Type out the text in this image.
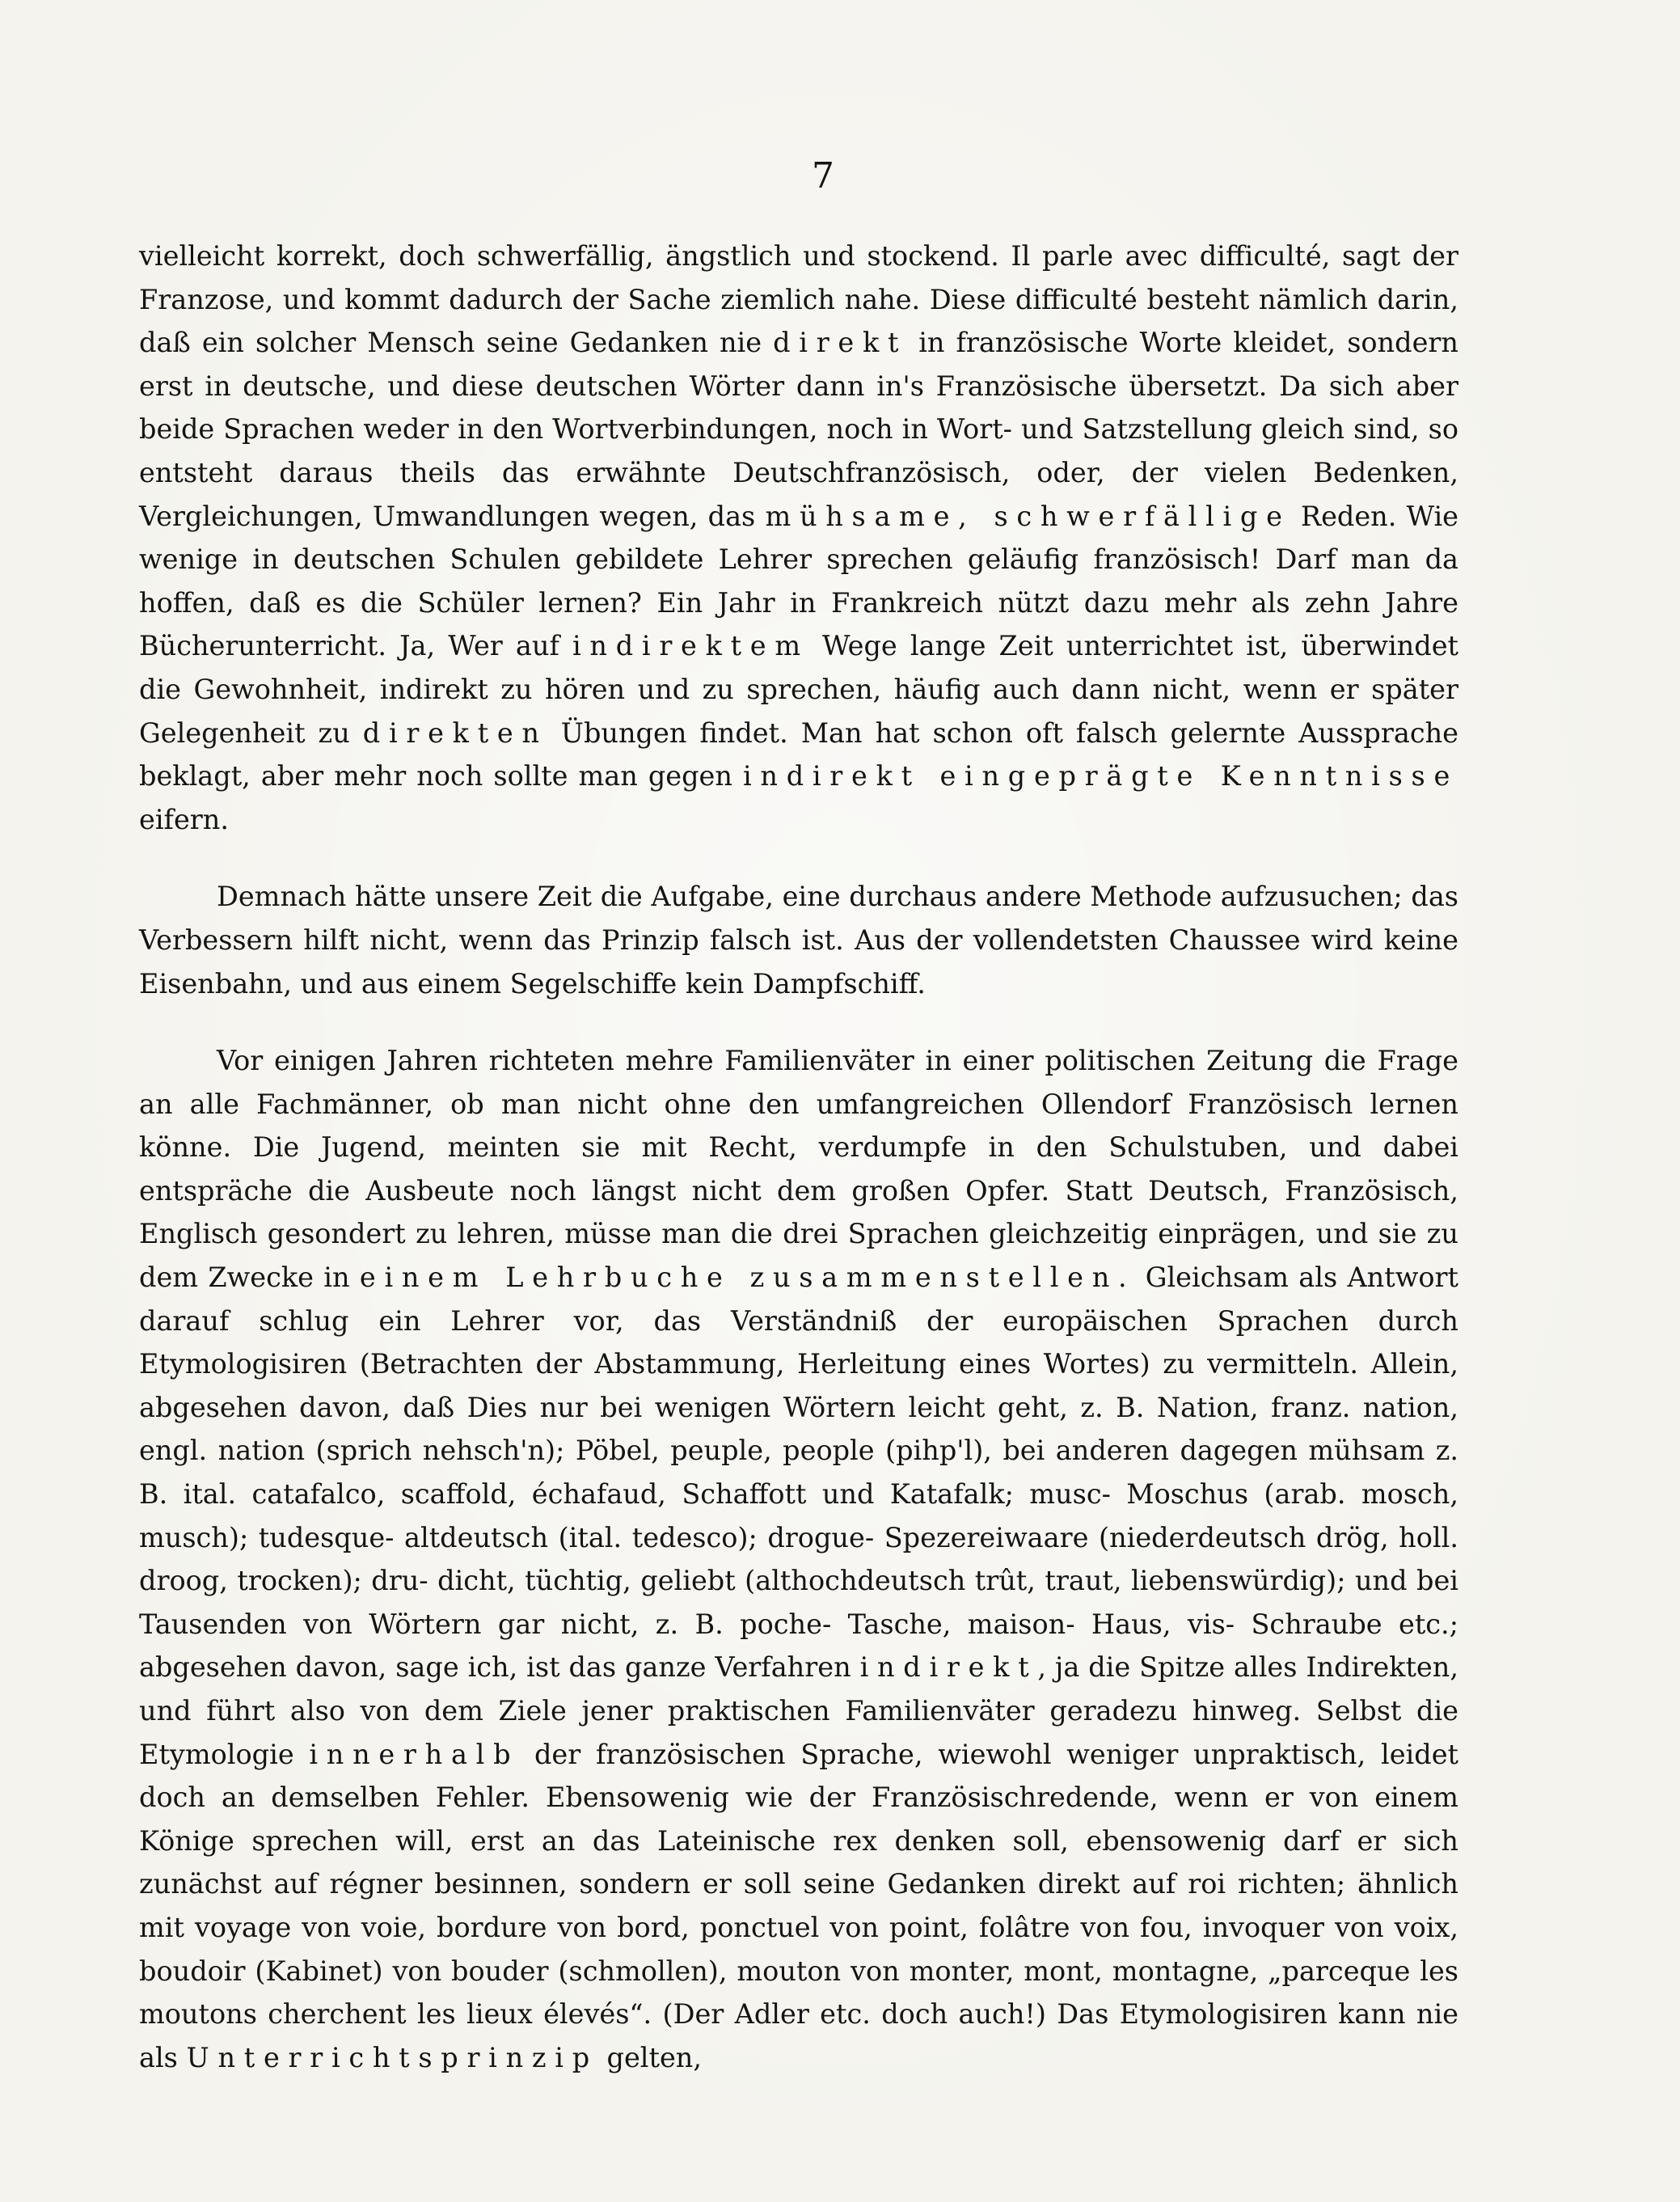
7

vielleicht korrekt, doch schwerfällig, ängstlich und stockend. Il parle avec difficulté, sagt der Franzose, und kommt dadurch der Sache ziemlich nahe. Diese difficulté besteht nämlich darin, daß ein solcher Mensch seine Gedanken nie direkt in französische Worte kleidet, sondern erst in deutsche, und diese deutschen Wörter dann in's Französische übersetzt. Da sich aber beide Sprachen weder in den Wortverbindungen, noch in Wort- und Satzstellung gleich sind, so entsteht daraus theils das erwähnte Deutschfranzösisch, oder, der vielen Bedenken, Vergleichungen, Umwandlungen wegen, das mühsame, schwerfällige Reden. Wie wenige in deutschen Schulen gebildete Lehrer sprechen geläufig französisch! Darf man da hoffen, daß es die Schüler lernen? Ein Jahr in Frankreich nützt dazu mehr als zehn Jahre Bücherunterricht. Ja, Wer auf indirektem Wege lange Zeit unterrichtet ist, überwindet die Gewohnheit, indirekt zu hören und zu sprechen, häufig auch dann nicht, wenn er später Gelegenheit zu direkten Übungen findet. Man hat schon oft falsch gelernte Aussprache beklagt, aber mehr noch sollte man gegen indirekt eingeprägte Kenntnisse eifern.

Demnach hätte unsere Zeit die Aufgabe, eine durchaus andere Methode aufzusuchen; das Verbessern hilft nicht, wenn das Prinzip falsch ist. Aus der vollendetsten Chaussee wird keine Eisenbahn, und aus einem Segelschiffe kein Dampfschiff.

Vor einigen Jahren richteten mehre Familienväter in einer politischen Zeitung die Frage an alle Fachmänner, ob man nicht ohne den umfangreichen Ollendorf Französisch lernen könne. Die Jugend, meinten sie mit Recht, verdumpfe in den Schulstuben, und dabei entspräche die Ausbeute noch längst nicht dem großen Opfer. Statt Deutsch, Französisch, Englisch gesondert zu lehren, müsse man die drei Sprachen gleichzeitig einprägen, und sie zu dem Zwecke in einem Lehrbuche zusammenstellen. Gleichsam als Antwort darauf schlug ein Lehrer vor, das Verständniß der europäischen Sprachen durch Etymologisiren (Betrachten der Abstammung, Herleitung eines Wortes) zu vermitteln. Allein, abgesehen davon, daß Dies nur bei wenigen Wörtern leicht geht, z. B. Nation, franz. nation, engl. nation (sprich nehsch'n); Pöbel, peuple, people (pihp'l), bei anderen dagegen mühsam z. B. ital. catafalco, scaffold, échafaud, Schaffott und Katafalk; musc- Moschus (arab. mosch, musch); tudesque- altdeutsch (ital. tedesco); drogue- Spezereiwaare (niederdeutsch drög, holl. droog, trocken); dru- dicht, tüchtig, geliebt (althochdeutsch trût, traut, liebenswürdig); und bei Tausenden von Wörtern gar nicht, z. B. poche- Tasche, maison- Haus, vis- Schraube etc.; abgesehen davon, sage ich, ist das ganze Verfahren indirekt, ja die Spitze alles Indirekten, und führt also von dem Ziele jener praktischen Familienväter geradezu hinweg. Selbst die Etymologie innerhalb der französischen Sprache, wiewohl weniger unpraktisch, leidet doch an demselben Fehler. Ebensowenig wie der Französischredende, wenn er von einem Könige sprechen will, erst an das Lateinische rex denken soll, ebensowenig darf er sich zunächst auf régner besinnen, sondern er soll seine Gedanken direkt auf roi richten; ähnlich mit voyage von voie, bordure von bord, ponctuel von point, folâtre von fou, invoquer von voix, boudoir (Kabinet) von bouder (schmollen), mouton von monter, mont, montagne, „parceque les moutons cherchent les lieux élevés“. (Der Adler etc. doch auch!) Das Etymologisiren kann nie als Unterrichtsprinzip gelten,
